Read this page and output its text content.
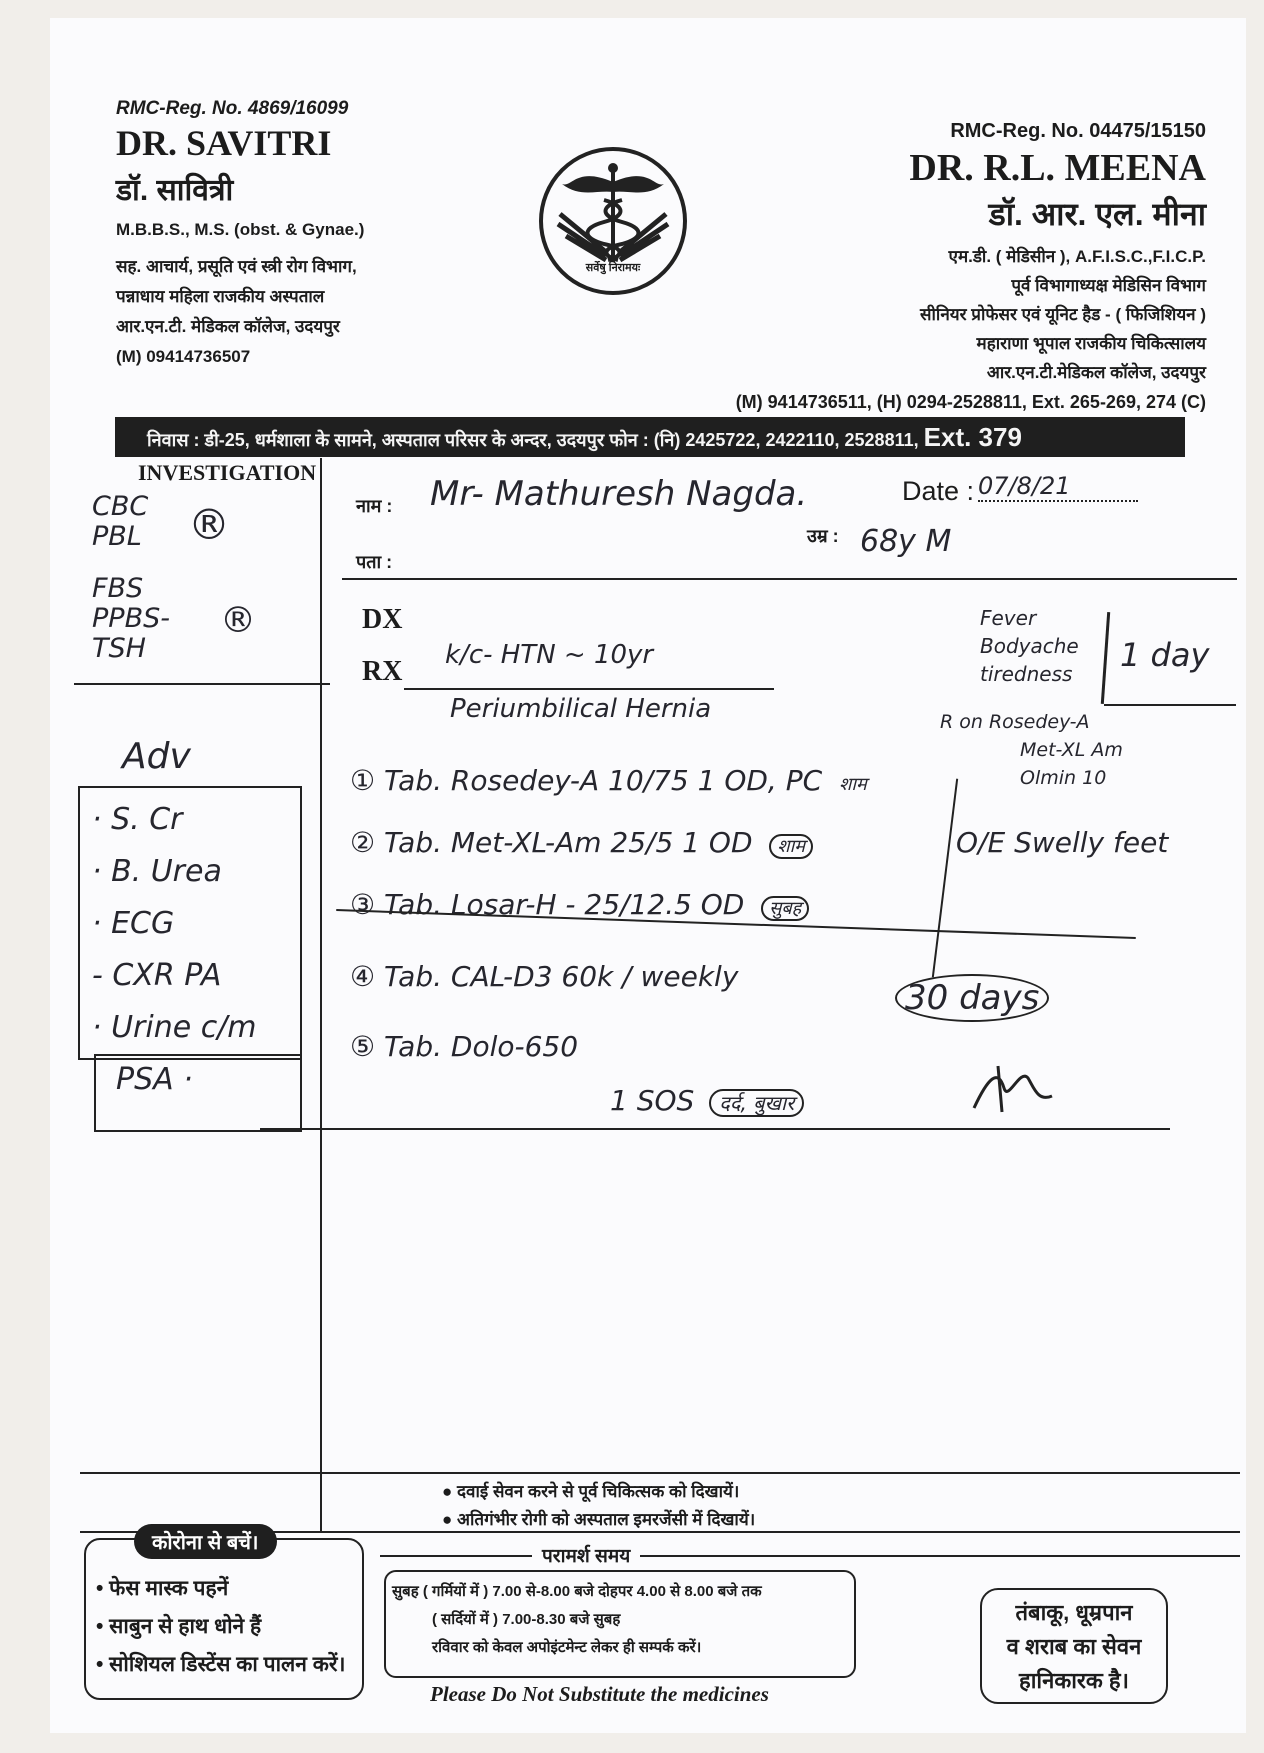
RMC-Reg. No. 4869/16099
DR. SAVITRI
डॉ. सावित्री
M.B.B.S., M.S. (obst. & Gynae.)
सह. आचार्य, प्रसूति एवं स्त्री रोग विभाग,
पन्नाधाय महिला राजकीय अस्पताल
आर.एन.टी. मेडिकल कॉलेज, उदयपुर
(M) 09414736507
सर्वेषु निरामयः
RMC-Reg. No. 04475/15150
DR. R.L. MEENA
डॉ. आर. एल. मीना
एम.डी. ( मेडिसीन ), A.F.I.S.C.,F.I.C.P.
पूर्व विभागाध्यक्ष मेडिसिन विभाग
सीनियर प्रोफेसर एवं यूनिट हैड - ( फिजिशियन )
महाराणा भूपाल राजकीय चिकित्सालय
आर.एन.टी.मेडिकल कॉलेज, उदयपुर
(M) 9414736511, (H) 0294-2528811, Ext. 265-269, 274 (C)
निवास : डी-25, धर्मशाला के सामने, अस्पताल परिसर के अन्दर, उदयपुर फोन : (नि) 2425722, 2422110, 2528811, Ext. 379
INVESTIGATION
नाम : Mr- Mathuresh Nagda.	Date : 07/8/21
उम्र : 68y M
पता :
DX
RX
CBC
PBL
FBS
PPBS-
TSH
®
®
Adv
· S. Cr
· B. Urea
· ECG
- CXR PA
· Urine c/m
PSA ·
k/c- HTN ~ 10yr
Periumbilical Hernia
Fever
Bodyache
tiredness 1 day
R on Rosedey-A
Met-XL Am
Olmin 10
O/E Swelly feet
① Tab. Rosedey-A 10/75 1 OD, PC शाम
② Tab. Met-XL-Am 25/5 1 OD शाम
③ Tab. Losar-H - 25/12.5 OD सुबह
④ Tab. CAL-D3 60k / weekly
⑤ Tab. Dolo-650
1 SOS दर्द, बुखार
30 days
● दवाई सेवन करने से पूर्व चिकित्सक को दिखायें।
● अतिगंभीर रोगी को अस्पताल इमरजेंसी में दिखायें।
कोरोना से बचें।
• फेस मास्क पहनें
• साबुन से हाथ धोने हैं
• सोशियल डिस्टेंस का पालन करें।
परामर्श समय
सुबह ( गर्मियों में ) 7.00 से-8.00 बजे दोहपर 4.00 से 8.00 बजे तक
( सर्दियों में ) 7.00-8.30 बजे सुबह
रविवार को केवल अपोइंटमेन्ट लेकर ही सम्पर्क करें।
Please Do Not Substitute the medicines
तंबाकू, धूम्रपान
व शराब का सेवन
हानिकारक है।
